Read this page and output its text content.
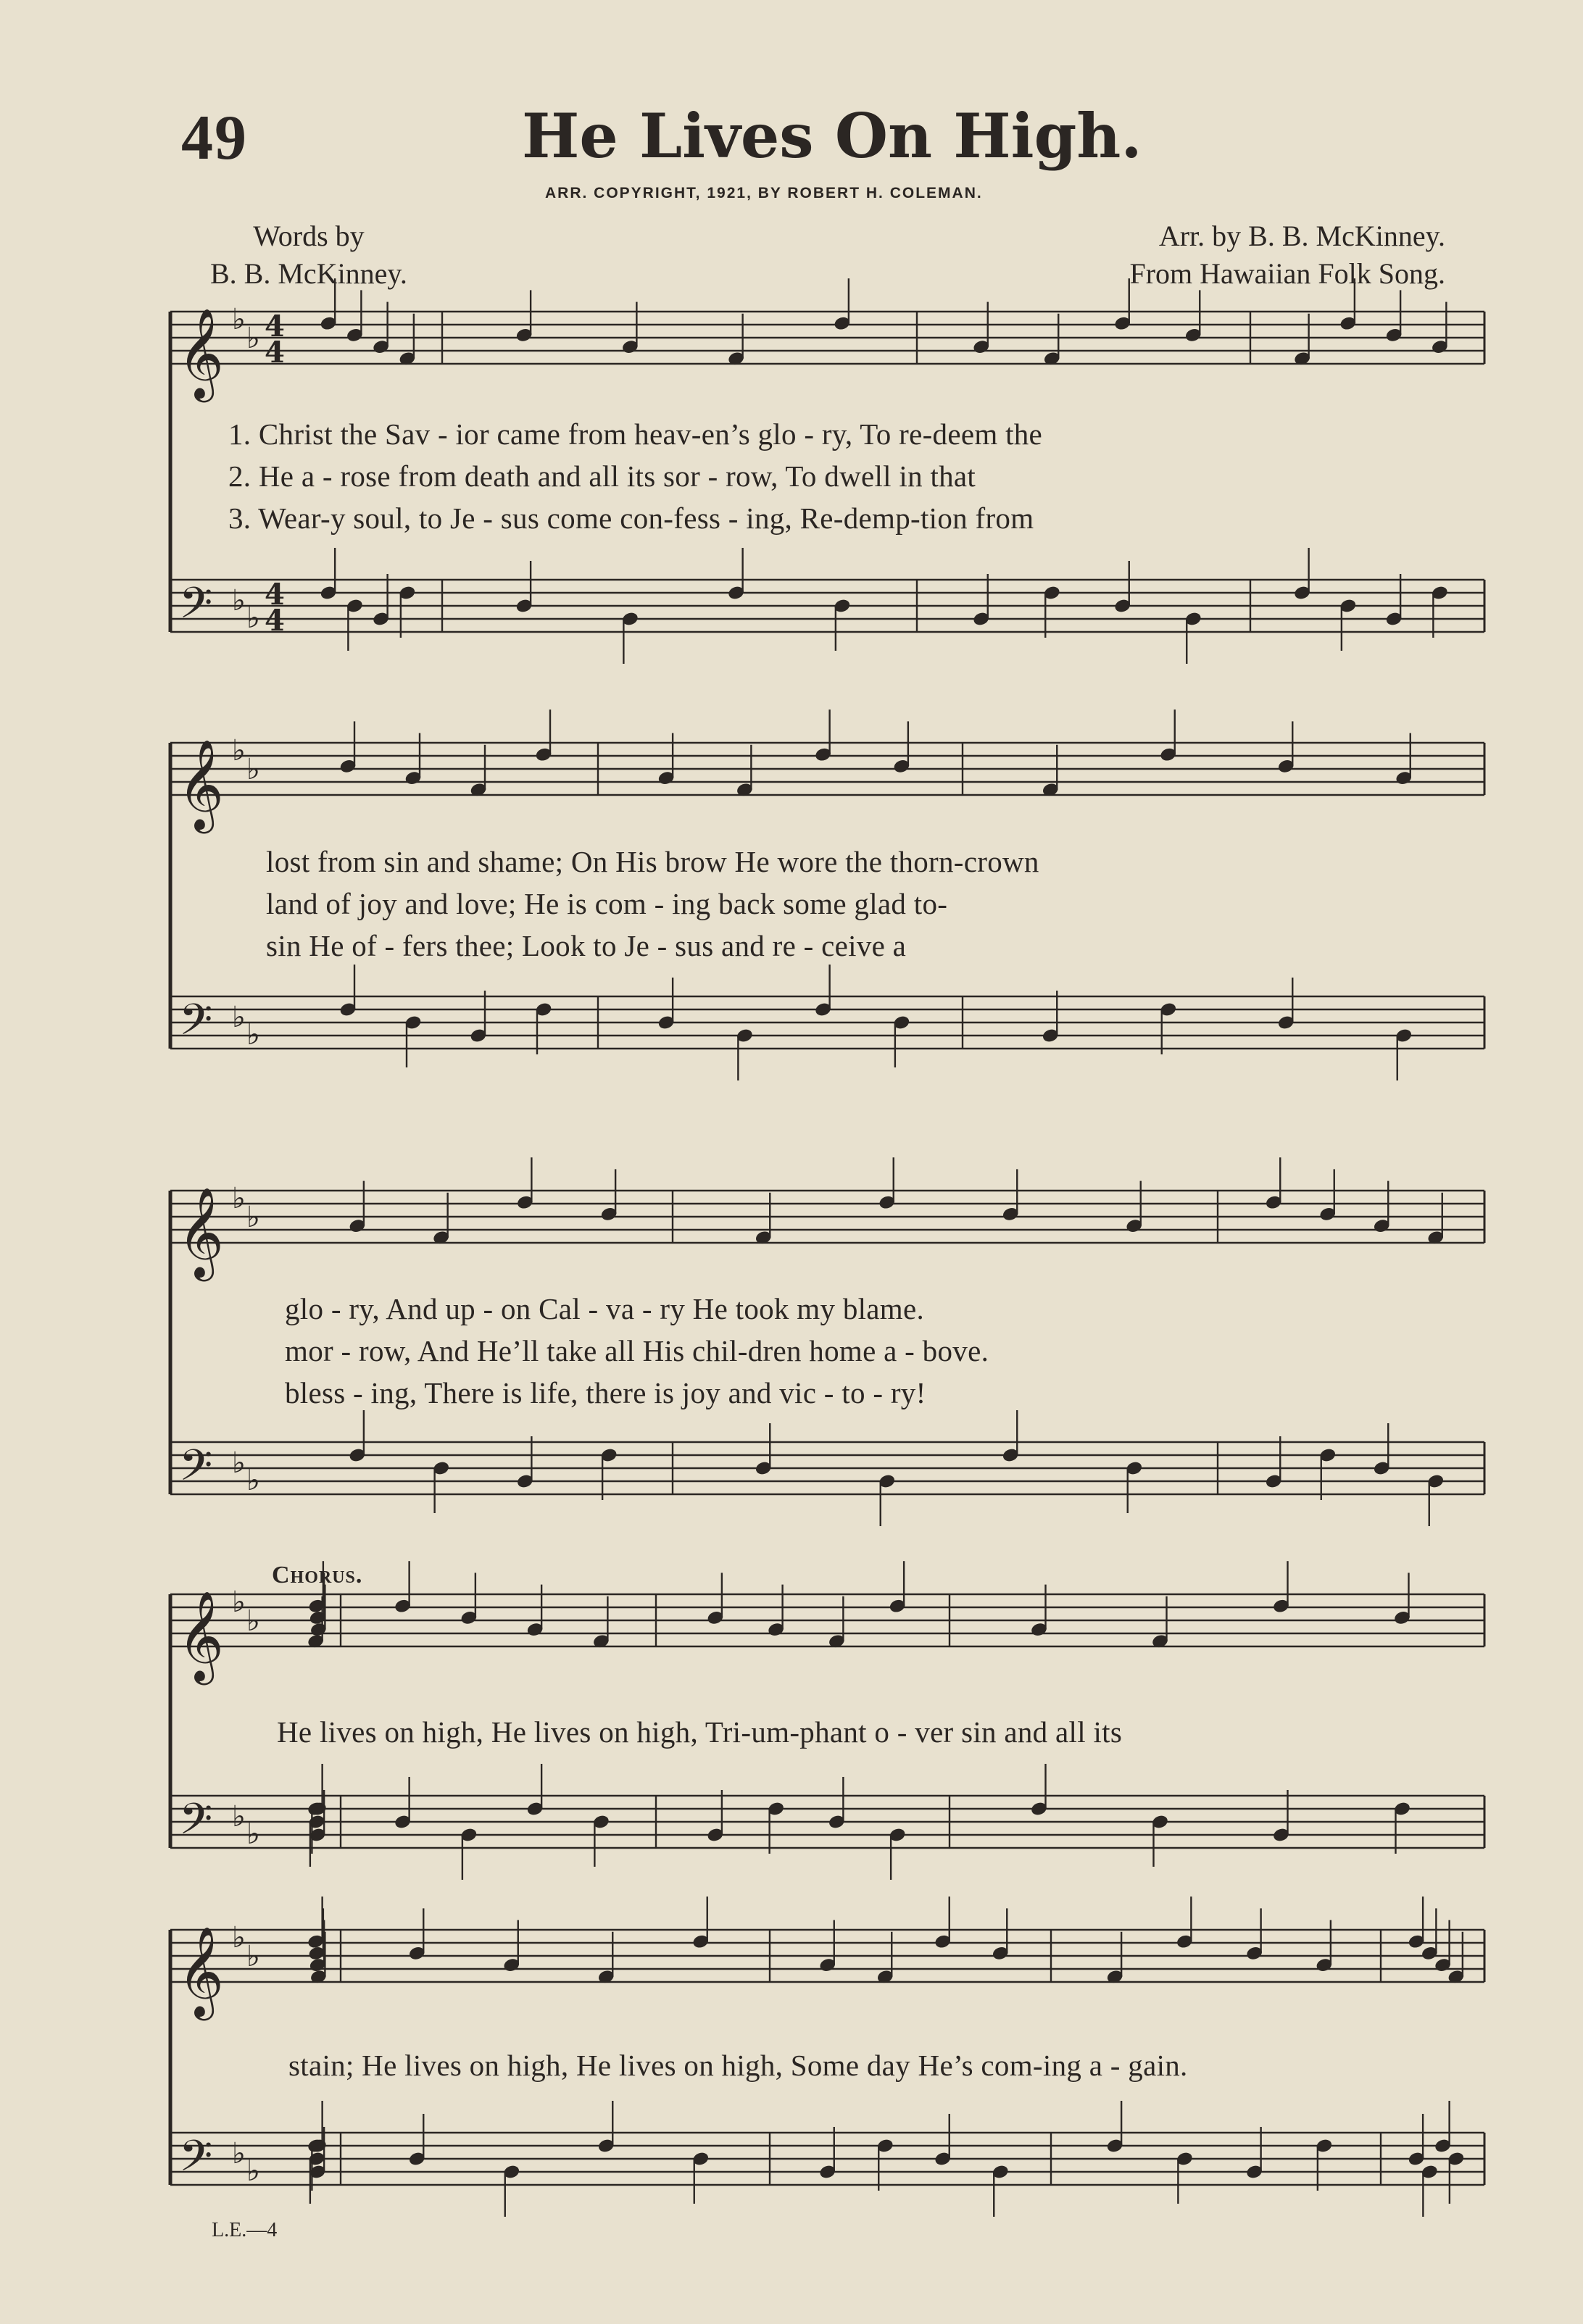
49	He Lives On High.
ARR. COPYRIGHT, 1921, BY ROBERT H. COLEMAN.
Words by
B. B. McKinney.
Arr. by B. B. McKinney.
From Hawaiian Folk Song.
𝄞
𝄢
♭
♭
♭
♭
𝄞
𝄢
♭
♭
♭
♭
𝄞
𝄢
♭
♭
♭
♭
𝄞
𝄢
♭
♭
♭
♭
𝄞
𝄢
♭
♭
♭
♭
4
4
4
4
1. Christ the Sav - ior came from heav-en’s glo - ry, To re-deem the
2. He a - rose from death and all its sor - row, To dwell in that
3. Wear-y soul, to Je - sus come con-fess - ing, Re-demp-tion from
lost from sin and shame; On His brow He wore the thorn-crown
land of joy and love; He is com - ing back some glad to-
sin He of - fers thee; Look to Je - sus and re - ceive a
glo - ry, And up - on Cal - va - ry He took my blame.
mor - row, And He’ll take all His chil-dren home a - bove.
bless - ing, There is life, there is joy and vic - to - ry!
Chorus.
He lives on high, He lives on high, Tri-um-phant o - ver sin and all its
stain; He lives on high, He lives on high, Some day He’s com-ing a - gain.
L.E.—4
